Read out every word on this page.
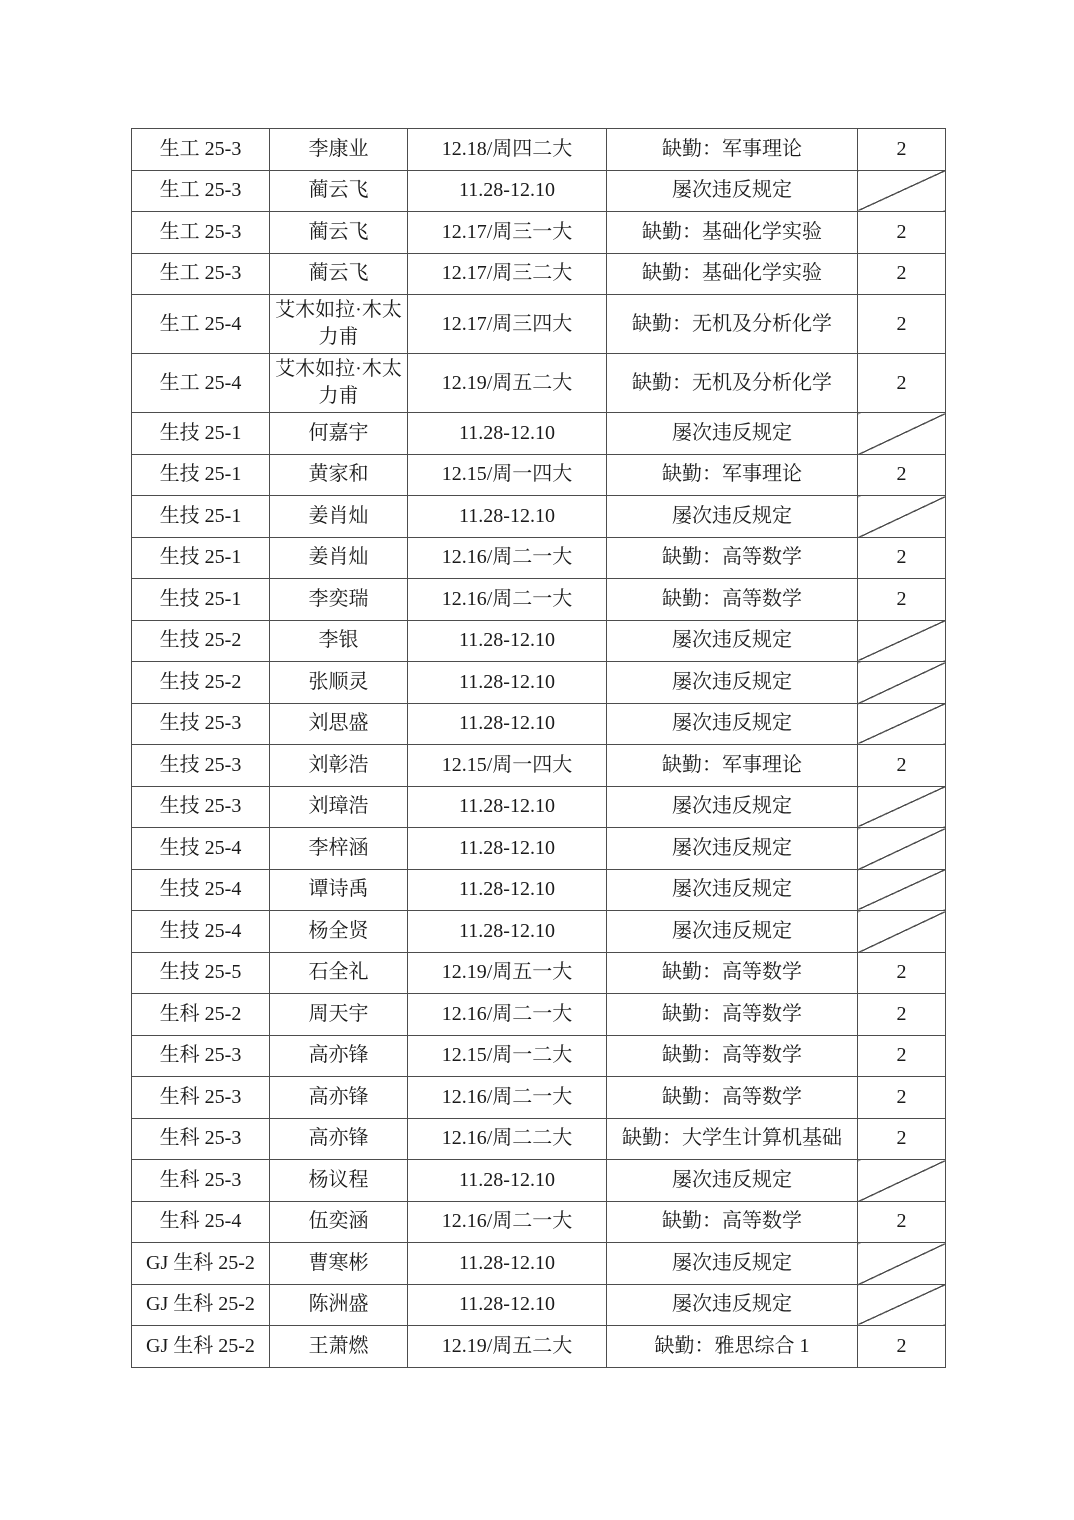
生工 25-3	李康业	12.18/周四二大	缺勤：军事理论	2
生工 25-3	蔺云飞	11.28-12.10	屡次违反规定	
生工 25-3	蔺云飞	12.17/周三一大	缺勤：基础化学实验	2
生工 25-3	蔺云飞	12.17/周三二大	缺勤：基础化学实验	2
生工 25-4	艾木如拉·木太力甫	12.17/周三四大	缺勤：无机及分析化学	2
生工 25-4	艾木如拉·木太力甫	12.19/周五二大	缺勤：无机及分析化学	2
生技 25-1	何嘉宇	11.28-12.10	屡次违反规定	
生技 25-1	黄家和	12.15/周一四大	缺勤：军事理论	2
生技 25-1	姜肖灿	11.28-12.10	屡次违反规定	
生技 25-1	姜肖灿	12.16/周二一大	缺勤：高等数学	2
生技 25-1	李奕瑞	12.16/周二一大	缺勤：高等数学	2
生技 25-2	李银	11.28-12.10	屡次违反规定	
生技 25-2	张顺灵	11.28-12.10	屡次违反规定	
生技 25-3	刘思盛	11.28-12.10	屡次违反规定	
生技 25-3	刘彰浩	12.15/周一四大	缺勤：军事理论	2
生技 25-3	刘璋浩	11.28-12.10	屡次违反规定	
生技 25-4	李梓涵	11.28-12.10	屡次违反规定	
生技 25-4	谭诗禹	11.28-12.10	屡次违反规定	
生技 25-4	杨全贤	11.28-12.10	屡次违反规定	
生技 25-5	石全礼	12.19/周五一大	缺勤：高等数学	2
生科 25-2	周天宇	12.16/周二一大	缺勤：高等数学	2
生科 25-3	高亦锋	12.15/周一二大	缺勤：高等数学	2
生科 25-3	高亦锋	12.16/周二一大	缺勤：高等数学	2
生科 25-3	高亦锋	12.16/周二二大	缺勤：大学生计算机基础	2
生科 25-3	杨议程	11.28-12.10	屡次违反规定	
生科 25-4	伍奕涵	12.16/周二一大	缺勤：高等数学	2
GJ 生科 25-2	曹寒彬	11.28-12.10	屡次违反规定	
GJ 生科 25-2	陈洲盛	11.28-12.10	屡次违反规定	
GJ 生科 25-2	王萧燃	12.19/周五二大	缺勤：雅思综合 1	2
